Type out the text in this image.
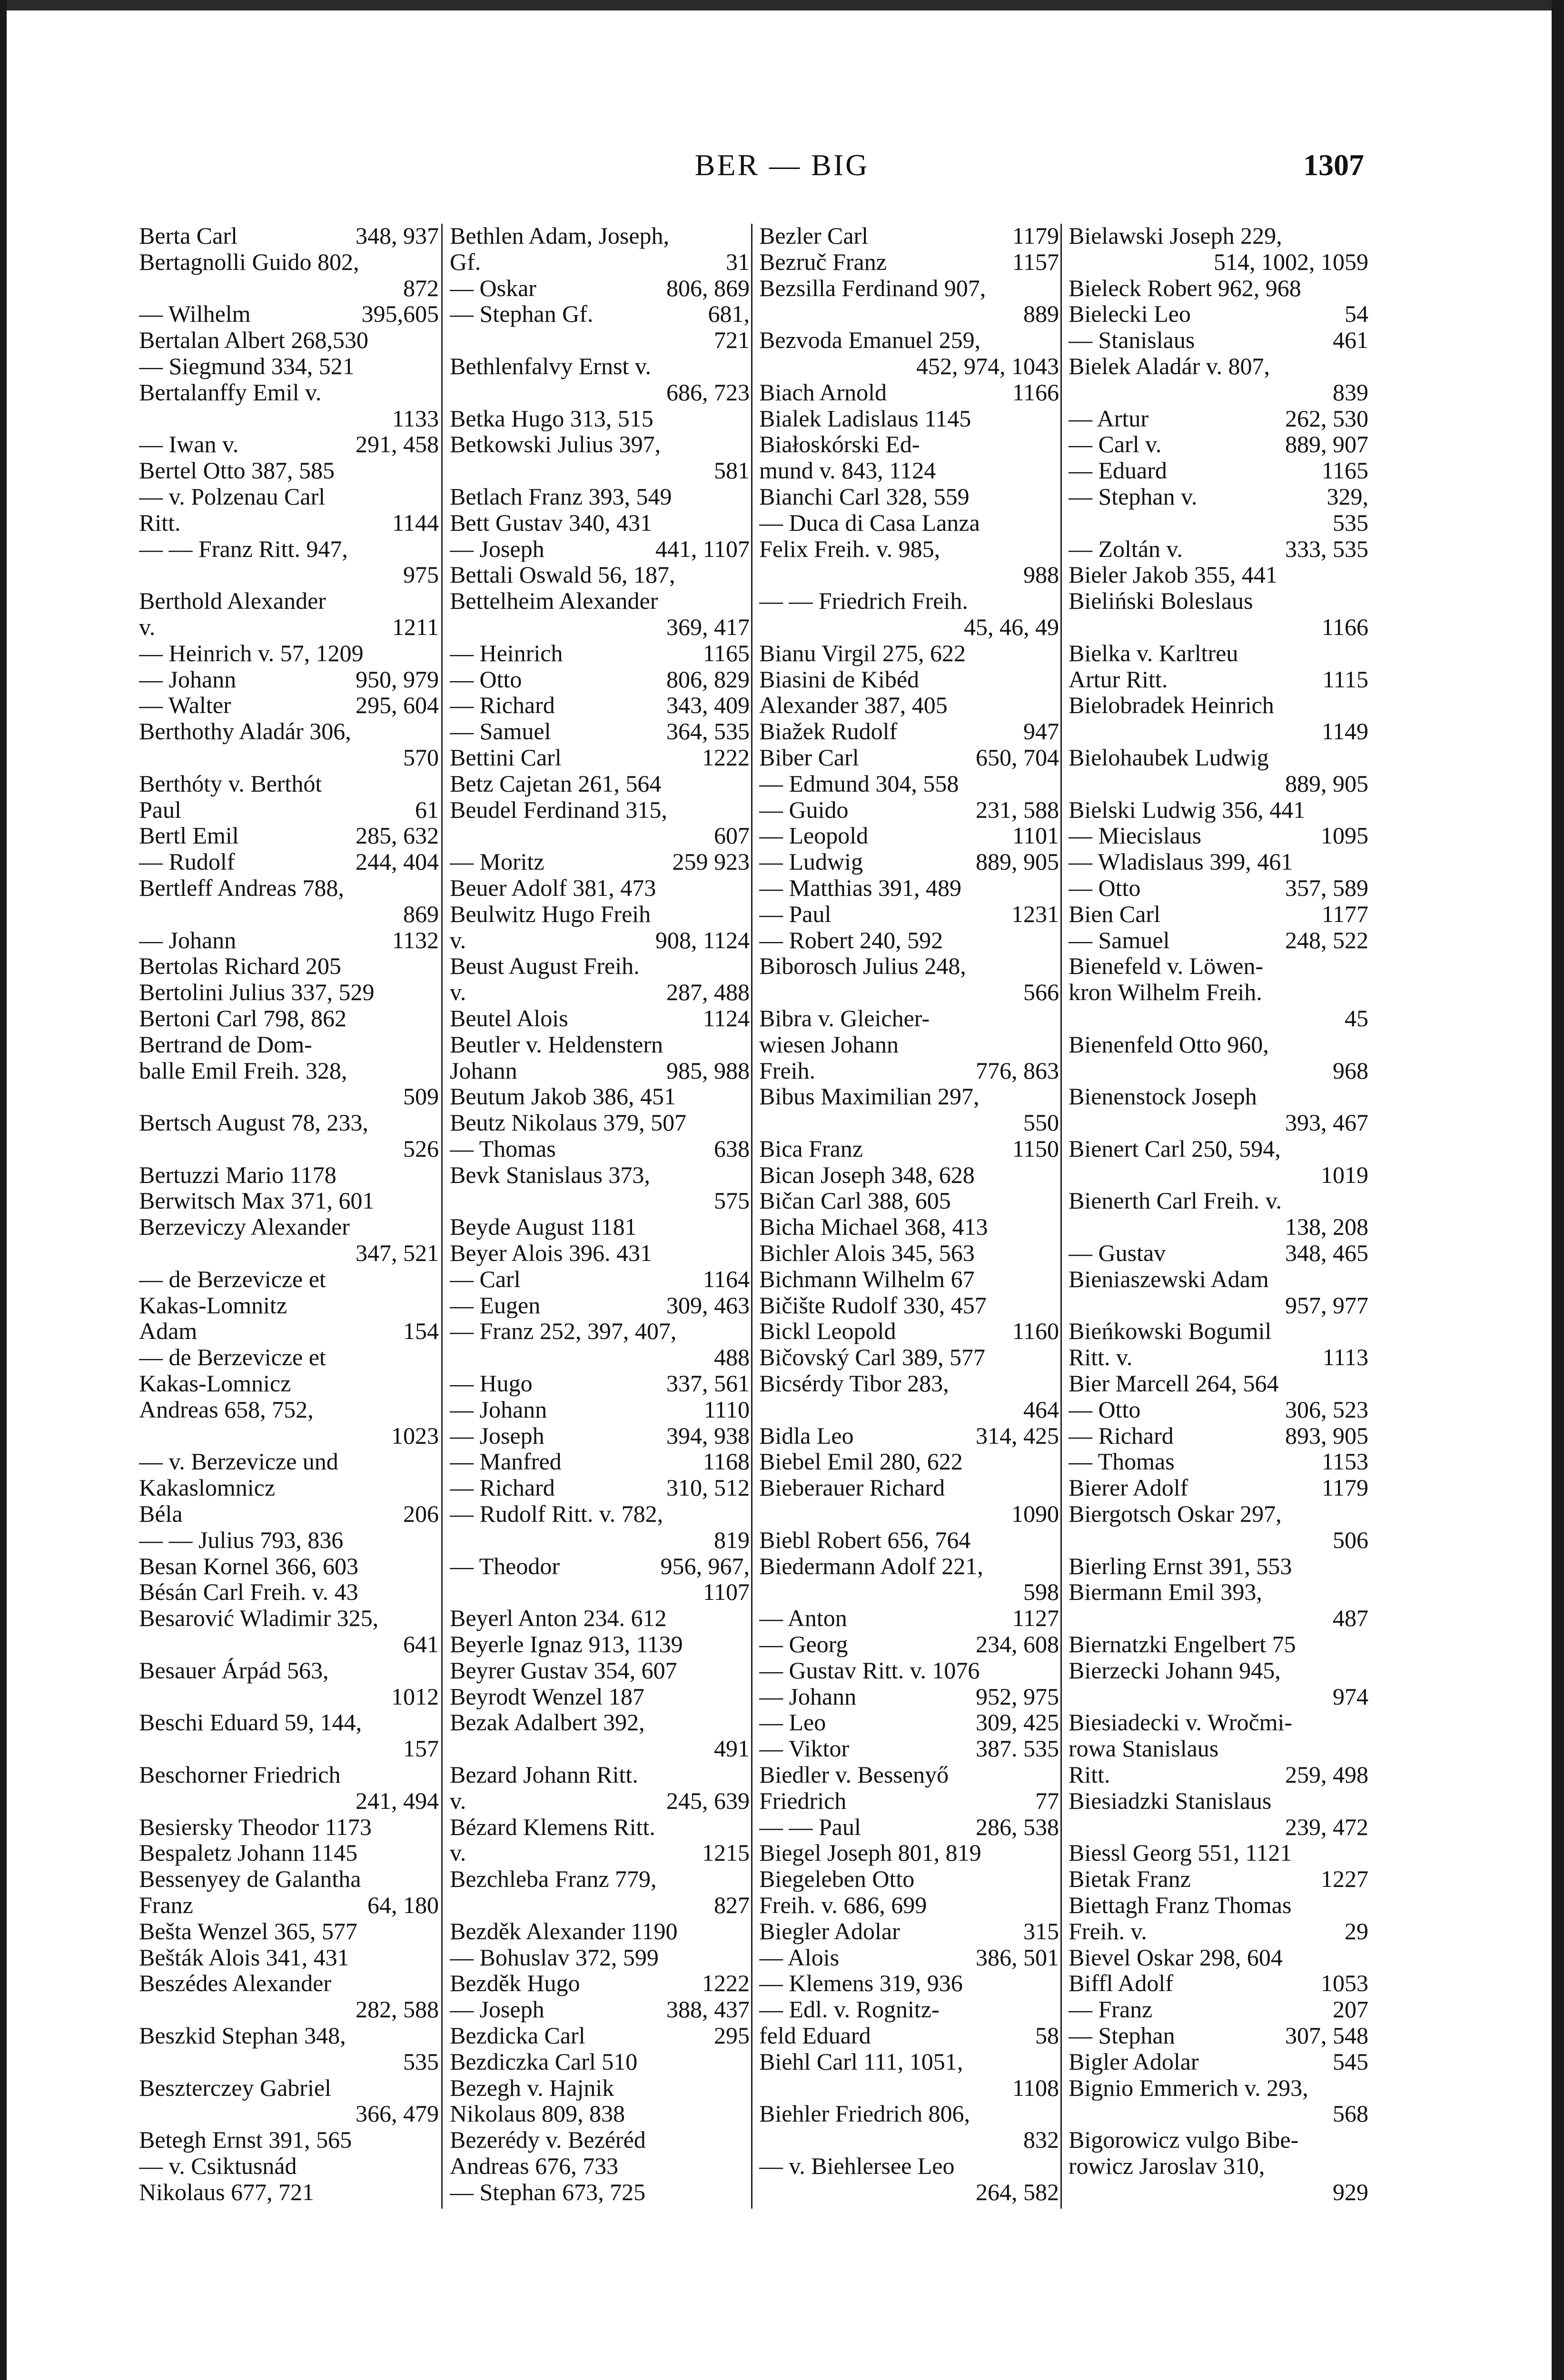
BER — BIG	1307
Berta Carl	348, 937
Bertagnolli Guido 802,
872
— Wilhelm	395,605
Bertalan Albert 268,530
— Siegmund 334, 521
Bertalanffy Emil v.
1133
— Iwan v.	291, 458
Bertel Otto 387, 585
— v. Polzenau Carl
Ritt.	1144
— — Franz Ritt. 947,
975
Berthold Alexander
v.	1211
— Heinrich v. 57, 1209
— Johann	950, 979
— Walter	295, 604
Berthothy Aladár 306,
570
Berthóty v. Berthót
Paul	61
Bertl Emil	285, 632
— Rudolf	244, 404
Bertleff Andreas 788,
869
— Johann	1132
Bertolas Richard 205
Bertolini Julius 337, 529
Bertoni Carl 798, 862
Bertrand de Dom-
balle Emil Freih. 328,
509
Bertsch August 78, 233,
526
Bertuzzi Mario 1178
Berwitsch Max 371, 601
Berzeviczy Alexander
347, 521
— de Berzevicze et
Kakas-Lomnitz
Adam	154
— de Berzevicze et
Kakas-Lomnicz
Andreas 658, 752,
1023
— v. Berzevicze und
Kakaslomnicz
Béla	206
— — Julius 793, 836
Besan Kornel 366, 603
Bésán Carl Freih. v. 43
Besarović Wladimir 325,
641
Besauer Árpád 563,
1012
Beschi Eduard 59, 144,
157
Beschorner Friedrich
241, 494
Besiersky Theodor 1173
Bespaletz Johann 1145
Bessenyey de Galantha
Franz	64, 180
Bešta Wenzel 365, 577
Bešták Alois 341, 431
Beszédes Alexander
282, 588
Beszkid Stephan 348,
535
Beszterczey Gabriel
366, 479
Betegh Ernst 391, 565
— v. Csiktusnád
Nikolaus 677, 721
Bethlen Adam, Joseph,
Gf.	31
— Oskar	806, 869
— Stephan Gf.	681,
721
Bethlenfalvy Ernst v.
686, 723
Betka Hugo 313, 515
Betkowski Julius 397,
581
Betlach Franz 393, 549
Bett Gustav 340, 431
— Joseph	441, 1107
Bettali Oswald 56, 187,
Bettelheim Alexander
369, 417
— Heinrich	1165
— Otto	806, 829
— Richard	343, 409
— Samuel	364, 535
Bettini Carl	1222
Betz Cajetan 261, 564
Beudel Ferdinand 315,
607
— Moritz	259 923
Beuer Adolf 381, 473
Beulwitz Hugo Freih
v.	908, 1124
Beust August Freih.
v.	287, 488
Beutel Alois	1124
Beutler v. Heldenstern
Johann	985, 988
Beutum Jakob 386, 451
Beutz Nikolaus 379, 507
— Thomas	638
Bevk Stanislaus 373,
575
Beyde August 1181
Beyer Alois 396. 431
— Carl	1164
— Eugen	309, 463
— Franz 252, 397, 407,
488
— Hugo	337, 561
— Johann	1110
— Joseph	394, 938
— Manfred	1168
— Richard	310, 512
— Rudolf Ritt. v. 782,
819
— Theodor	956, 967,
1107
Beyerl Anton 234. 612
Beyerle Ignaz 913, 1139
Beyrer Gustav 354, 607
Beyrodt Wenzel 187
Bezak Adalbert 392,
491
Bezard Johann Ritt.
v.	245, 639
Bézard Klemens Ritt.
v.	1215
Bezchleba Franz 779,
827
Bezděk Alexander 1190
— Bohuslav 372, 599
Bezděk Hugo	1222
— Joseph	388, 437
Bezdicka Carl	295
Bezdiczka Carl 510
Bezegh v. Hajnik
Nikolaus 809, 838
Bezerédy v. Bezéréd
Andreas 676, 733
— Stephan 673, 725
Bezler Carl	1179
Bezruč Franz	1157
Bezsilla Ferdinand 907,
889
Bezvoda Emanuel 259,
452, 974, 1043
Biach Arnold	1166
Bialek Ladislaus 1145
Białoskórski Ed-
mund v. 843, 1124
Bianchi Carl 328, 559
— Duca di Casa Lanza
Felix Freih. v. 985,
988
— — Friedrich Freih.
45, 46, 49
Bianu Virgil 275, 622
Biasini de Kibéd
Alexander 387, 405
Biažek Rudolf	947
Biber Carl	650, 704
— Edmund 304, 558
— Guido	231, 588
— Leopold	1101
— Ludwig	889, 905
— Matthias 391, 489
— Paul	1231
— Robert 240, 592
Biborosch Julius 248,
566
Bibra v. Gleicher-
wiesen Johann
Freih.	776, 863
Bibus Maximilian 297,
550
Bica Franz	1150
Bican Joseph 348, 628
Bičan Carl 388, 605
Bicha Michael 368, 413
Bichler Alois 345, 563
Bichmann Wilhelm 67
Bičište Rudolf 330, 457
Bickl Leopold	1160
Bičovský Carl 389, 577
Bicsérdy Tibor 283,
464
Bidla Leo	314, 425
Biebel Emil 280, 622
Bieberauer Richard
1090
Biebl Robert 656, 764
Biedermann Adolf 221,
598
— Anton	1127
— Georg	234, 608
— Gustav Ritt. v. 1076
— Johann	952, 975
— Leo	309, 425
— Viktor	387. 535
Biedler v. Bessenyő
Friedrich	77
— — Paul	286, 538
Biegel Joseph 801, 819
Biegeleben Otto
Freih. v. 686, 699
Biegler Adolar	315
— Alois	386, 501
— Klemens 319, 936
— Edl. v. Rognitz-
feld Eduard	58
Biehl Carl 111, 1051,
1108
Biehler Friedrich 806,
832
— v. Biehlersee Leo
264, 582
Bielawski Joseph 229,
514, 1002, 1059
Bieleck Robert 962, 968
Bielecki Leo	54
— Stanislaus	461
Bielek Aladár v. 807,
839
— Artur	262, 530
— Carl v.	889, 907
— Eduard	1165
— Stephan v.	329,
535
— Zoltán v.	333, 535
Bieler Jakob 355, 441
Bieliński Boleslaus
1166
Bielka v. Karltreu
Artur Ritt.	1115
Bielobradek Heinrich
1149
Bielohaubek Ludwig
889, 905
Bielski Ludwig 356, 441
— Miecislaus	1095
— Wladislaus 399, 461
— Otto	357, 589
Bien Carl	1177
— Samuel	248, 522
Bienefeld v. Löwen-
kron Wilhelm Freih.
45
Bienenfeld Otto 960,
968
Bienenstock Joseph
393, 467
Bienert Carl 250, 594,
1019
Bienerth Carl Freih. v.
138, 208
— Gustav	348, 465
Bieniaszewski Adam
957, 977
Bieńkowski Bogumil
Ritt. v.	1113
Bier Marcell 264, 564
— Otto	306, 523
— Richard	893, 905
— Thomas	1153
Bierer Adolf	1179
Biergotsch Oskar 297,
506
Bierling Ernst 391, 553
Biermann Emil 393,
487
Biernatzki Engelbert 75
Bierzecki Johann 945,
974
Biesiadecki v. Wročmi-
rowa Stanislaus
Ritt.	259, 498
Biesiadzki Stanislaus
239, 472
Biessl Georg 551, 1121
Bietak Franz	1227
Biettagh Franz Thomas
Freih. v.	29
Bievel Oskar 298, 604
Biffl Adolf	1053
— Franz	207
— Stephan	307, 548
Bigler Adolar	545
Bignio Emmerich v. 293,
568
Bigorowicz vulgo Bibe-
rowicz Jaroslav 310,
929
